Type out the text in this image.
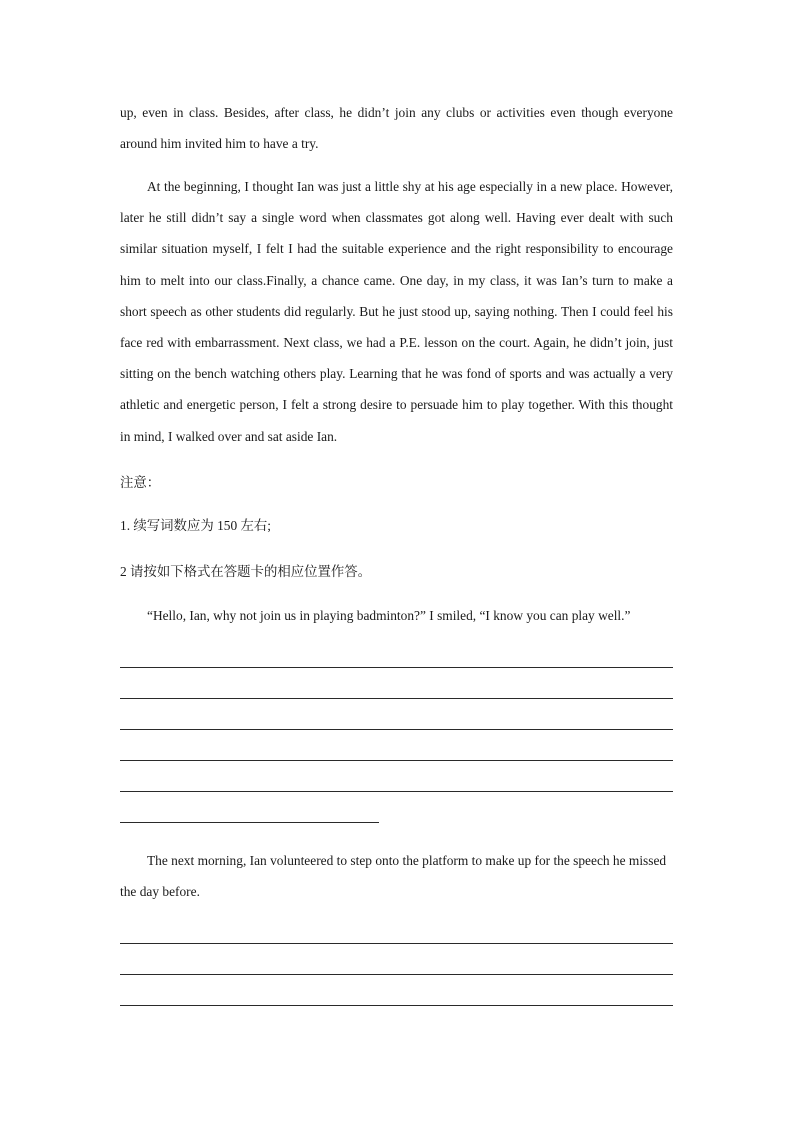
up, even in class. Besides, after class, he didn’t join any clubs or activities even though everyone around him invited him to have a try.

At the beginning, I thought Ian was just a little shy at his age especially in a new place. However, later he still didn’t say a single word when classmates got along well. Having ever dealt with such similar situation myself, I felt I had the suitable experience and the right responsibility to encourage him to melt into our class.Finally, a chance came. One day, in my class, it was Ian’s turn to make a short speech as other students did regularly. But he just stood up, saying nothing. Then I could feel his face red with embarrassment. Next class, we had a P.E. lesson on the court. Again, he didn’t join, just sitting on the bench watching others play. Learning that he was fond of sports and was actually a very athletic and energetic person, I felt a strong desire to persuade him to play together. With this thought in mind, I walked over and sat aside Ian.

注意：

1. 续写词数应为 150 左右;

2 请按如下格式在答题卡的相应位置作答。

“Hello, Ian, why not join us in playing badminton?” I smiled, “I know you can play well.”

The next morning, Ian volunteered to step onto the platform to make up for the speech he missed the day before.
